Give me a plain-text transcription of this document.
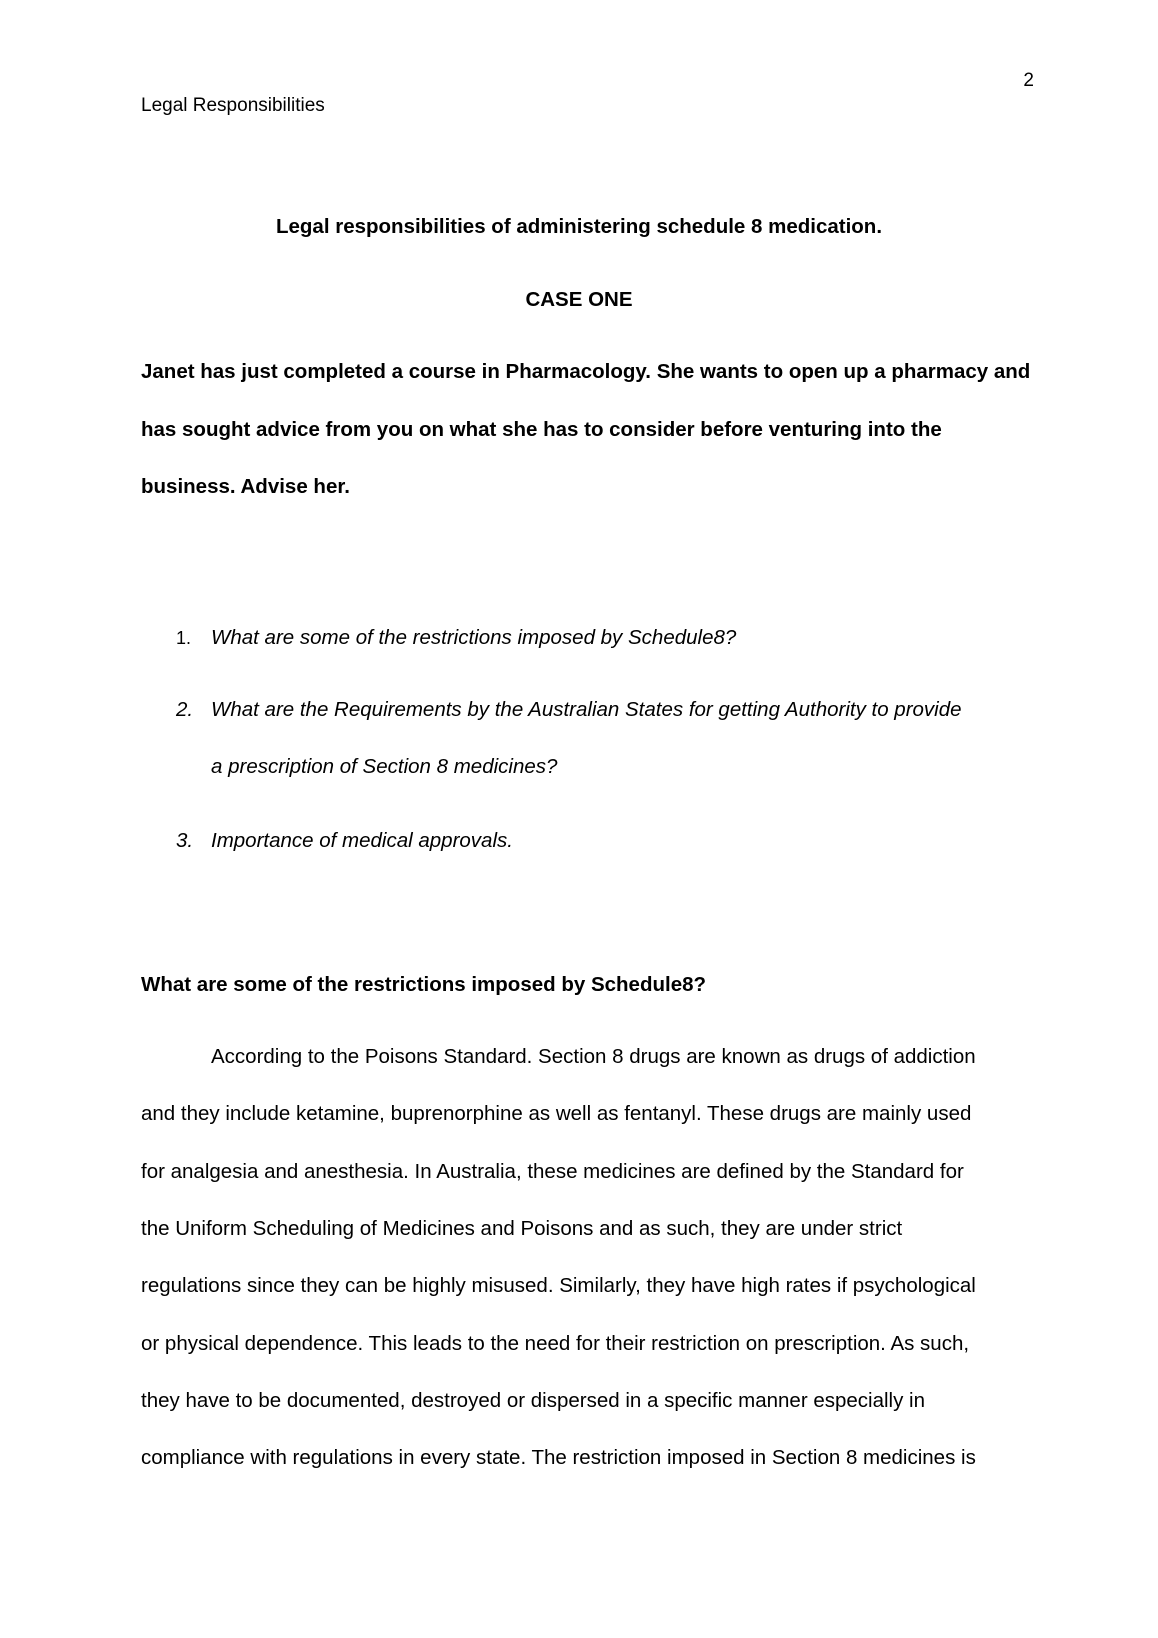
2
Legal Responsibilities
Legal responsibilities of administering schedule 8 medication.
CASE ONE
Janet has just completed a course in Pharmacology. She wants to open up a pharmacy and
has sought advice from you on what she has to consider before venturing into the
business. Advise her.
1. What are some of the restrictions imposed by Schedule8?
2. What are the Requirements by the Australian States for getting Authority to provide
a prescription of Section 8 medicines?
3. Importance of medical approvals.
What are some of the restrictions imposed by Schedule8?
According to the Poisons Standard. Section 8 drugs are known as drugs of addiction
and they include ketamine, buprenorphine as well as fentanyl. These drugs are mainly used
for analgesia and anesthesia. In Australia, these medicines are defined by the Standard for
the Uniform Scheduling of Medicines and Poisons and as such, they are under strict
regulations since they can be highly misused. Similarly, they have high rates if psychological
or physical dependence. This leads to the need for their restriction on prescription. As such,
they have to be documented, destroyed or dispersed in a specific manner especially in
compliance with regulations in every state. The restriction imposed in Section 8 medicines is
